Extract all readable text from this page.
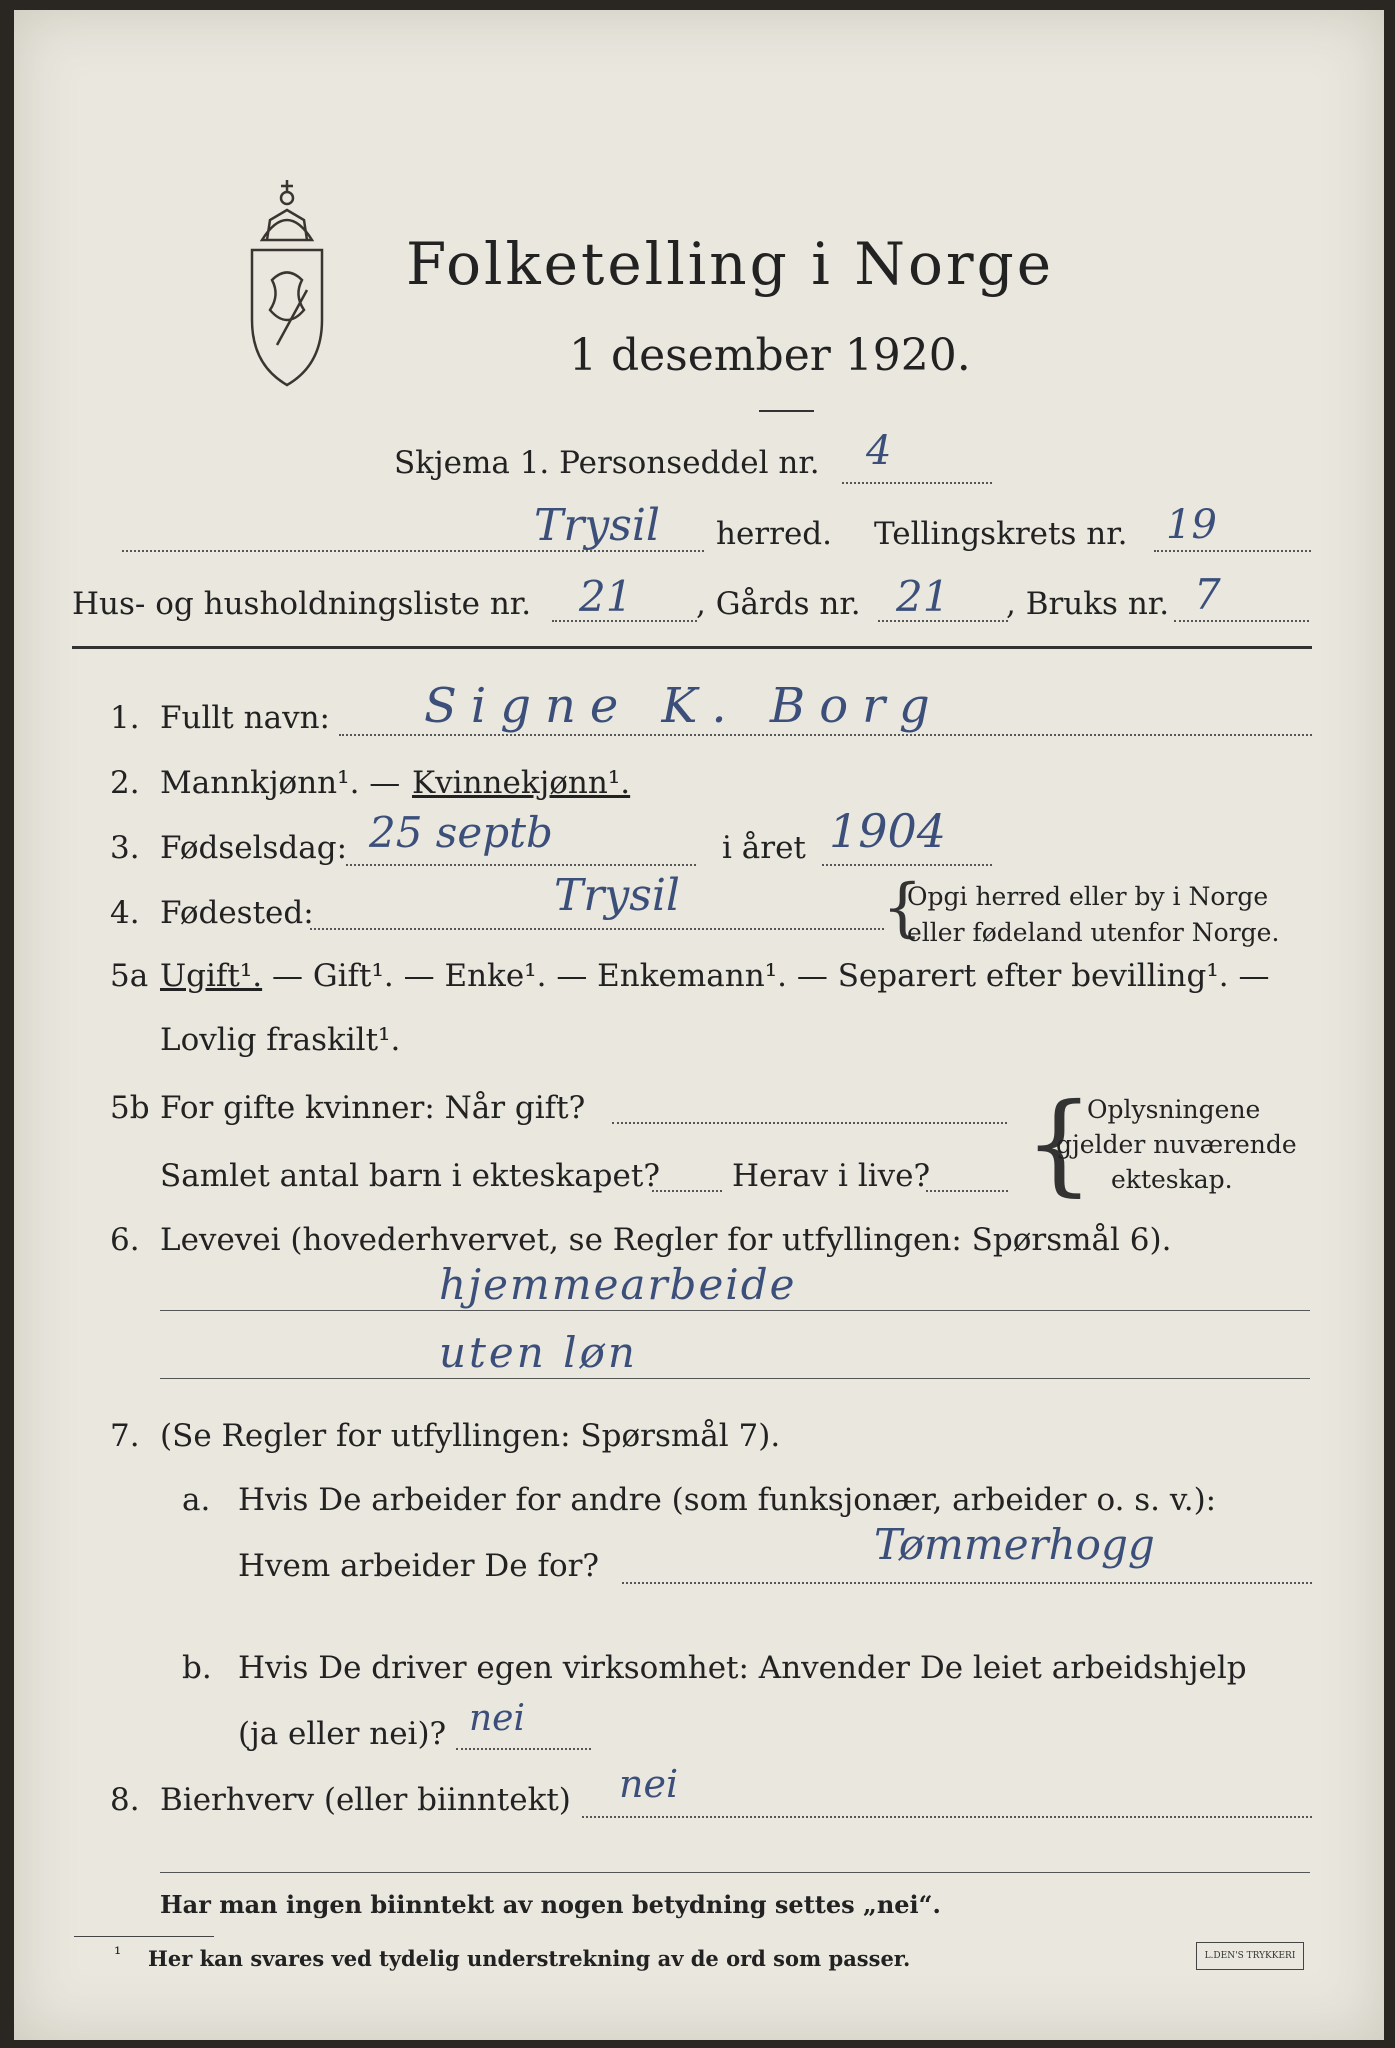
Folketelling i Norge
1 desember 1920.
Skjema 1. Personseddel nr. 4
Trysil herred. Tellingskrets nr. 19
Hus- og husholdningsliste nr. 21 , Gårds nr. 21 , Bruks nr. 7
1. Fullt navn: Signe K. Borg
2. Mannkjønn¹. — Kvinnekjønn¹.
3. Fødselsdag: 25 septb	i året 1904
4. Fødested:	Trysil	{
Opgi herred eller by i Norge
eller fødeland utenfor Norge.
5a Ugift¹. — Gift¹. — Enke¹. — Enkemann¹. — Separert efter bevilling¹. —
Lovlig fraskilt¹.
5b For gifte kvinner: Når gift?
Samlet antal barn i ekteskapet? Herav i live? {
Oplysningene
gjelder nuværende
ekteskap.
6. Levevei (hovederhvervet, se Regler for utfyllingen: Spørsmål 6).
hjemmearbeide
uten løn
7. (Se Regler for utfyllingen: Spørsmål 7).
a. Hvis De arbeider for andre (som funksjonær, arbeider o. s. v.):
Hvem arbeider De for?	Tømmerhogg
b. Hvis De driver egen virksomhet: Anvender De leiet arbeidshjelp
(ja eller nei)? nei
8. Bierhverv (eller biinntekt) nei
Har man ingen biinntekt av nogen betydning settes „nei“.
¹ Her kan svares ved tydelig understrekning av de ord som passer.	L.DEN'S TRYKKERI
